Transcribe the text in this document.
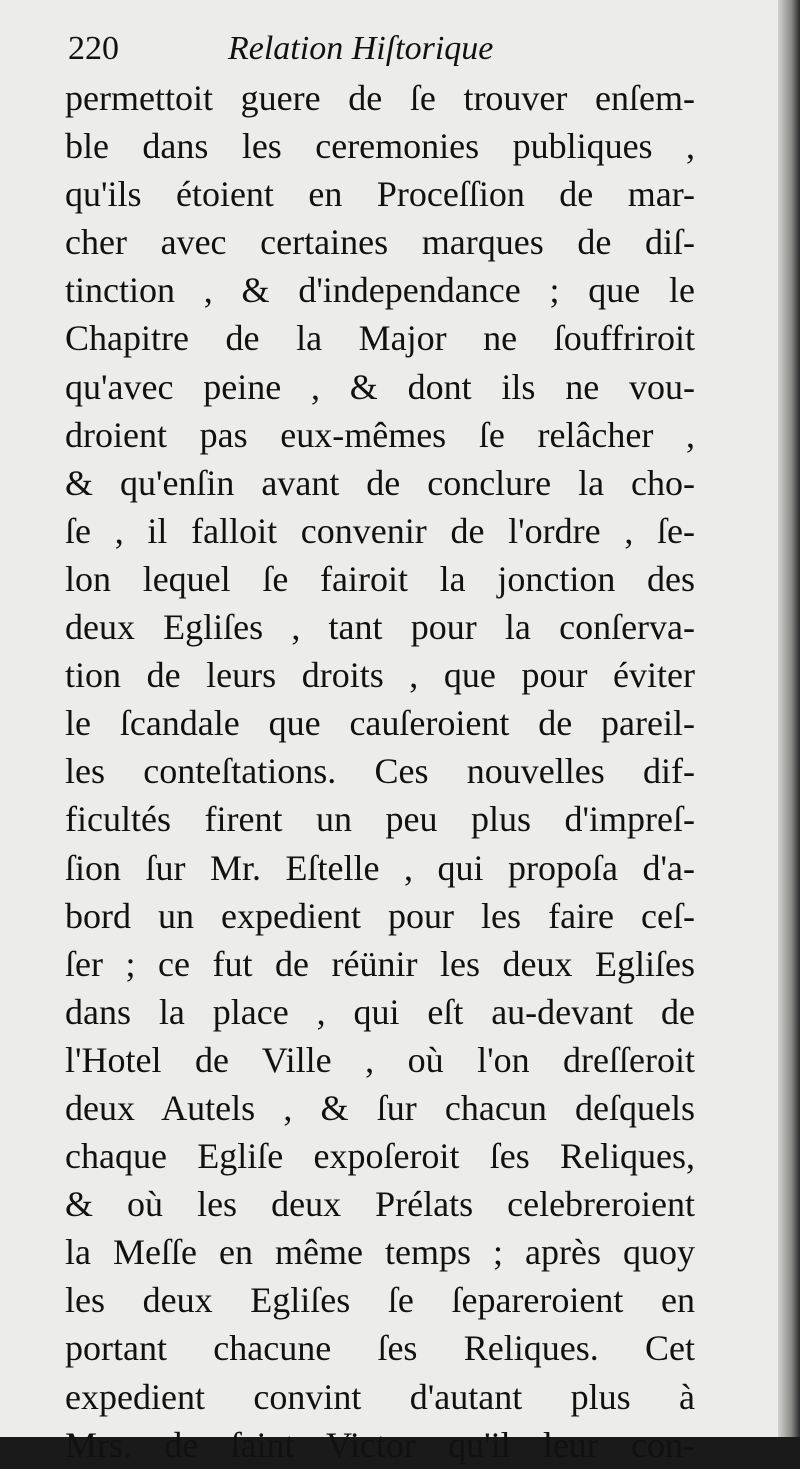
220	Relation Hiſtorique
permettoit guere de ſe trouver enſem-
ble dans les ceremonies publiques ,
qu'ils étoient en Proceſſion de mar-
cher avec certaines marques de diſ-
tinction , & d'independance ; que le
Chapitre de la Major ne ſouffriroit
qu'avec peine , & dont ils ne vou-
droient pas eux-mêmes ſe relâcher ,
& qu'enſin avant de conclure la cho-
ſe , il falloit convenir de l'ordre , ſe-
lon lequel ſe fairoit la jonction des
deux Egliſes , tant pour la conſerva-
tion de leurs droits , que pour éviter
le ſcandale que cauſeroient de pareil-
les conteſtations. Ces nouvelles dif-
ficultés firent un peu plus d'impreſ-
ſion ſur Mr. Eſtelle , qui propoſa d'a-
bord un expedient pour les faire ceſ-
ſer ; ce fut de réünir les deux Egliſes
dans la place , qui eſt au-devant de
l'Hotel de Ville , où l'on dreſſeroit
deux Autels , & ſur chacun deſquels
chaque Egliſe expoſeroit ſes Reliques,
& où les deux Prélats celebreroient
la Meſſe en même temps ; après quoy
les deux Egliſes ſe ſepareroient en
portant chacune ſes Reliques. Cet
expedient convint d'autant plus à
Mrs. de ſaint Victor qu'il leur con-
